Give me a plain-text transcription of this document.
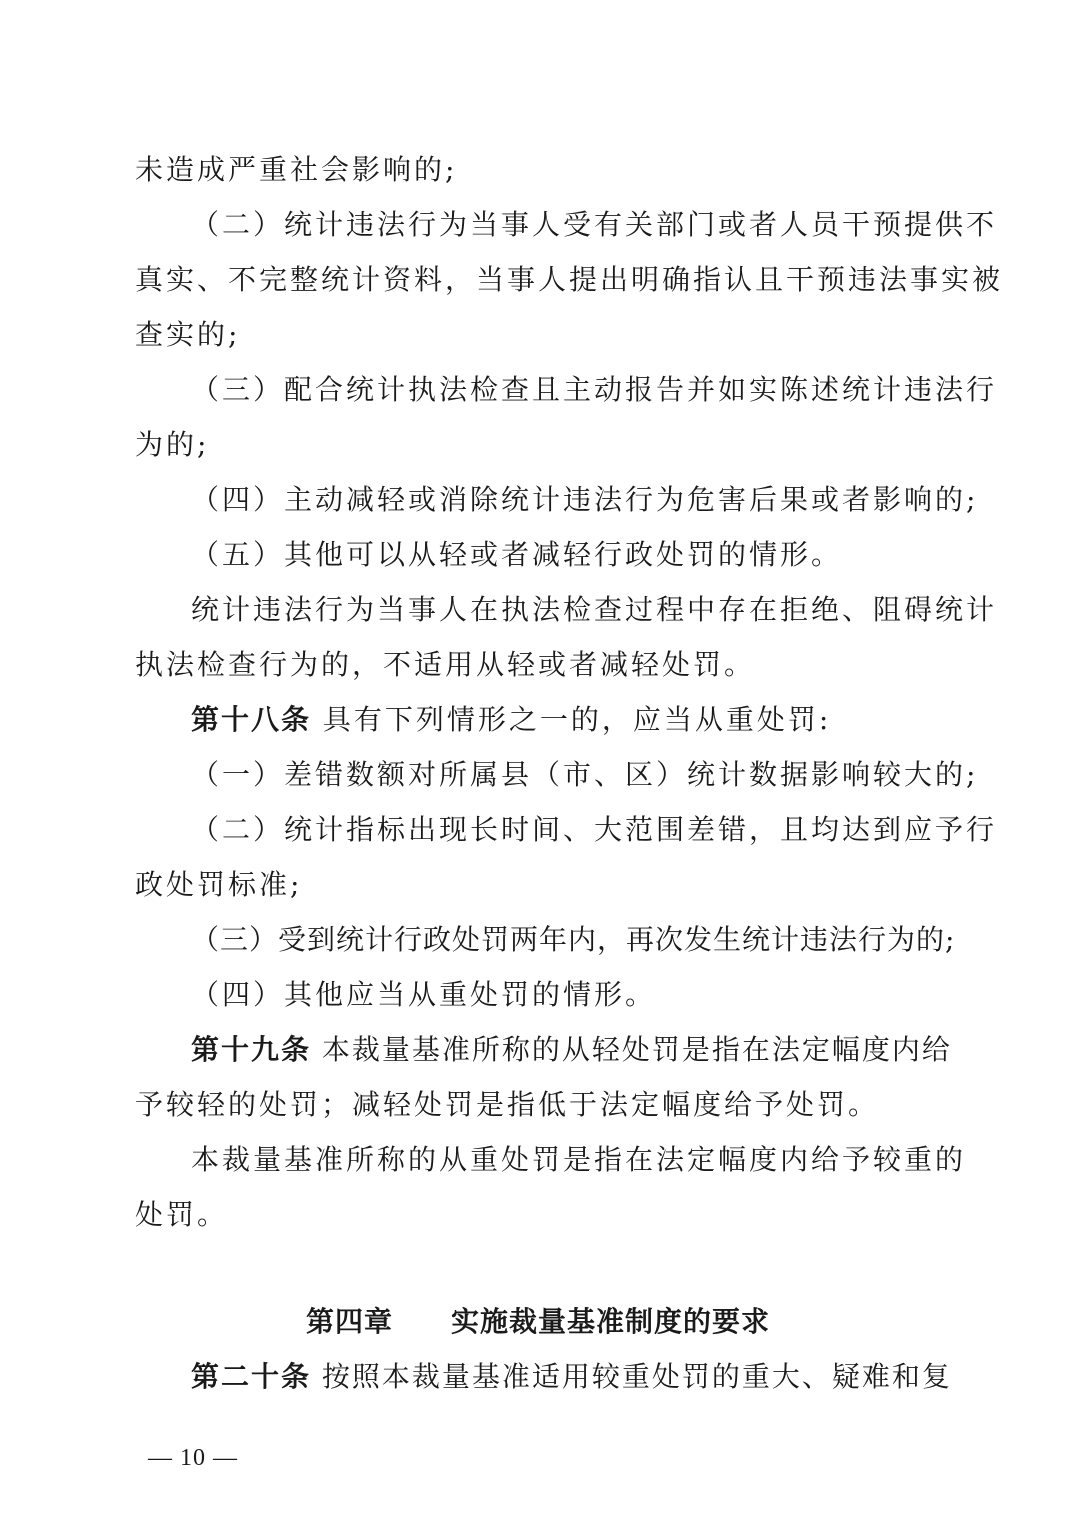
未造成严重社会影响的;
（二）统计违法行为当事人受有关部门或者人员干预提供不
真实、不完整统计资料，当事人提出明确指认且干预违法事实被
查实的;
（三）配合统计执法检查且主动报告并如实陈述统计违法行
为的;
（四）主动减轻或消除统计违法行为危害后果或者影响的;
（五）其他可以从轻或者减轻行政处罚的情形。
统计违法行为当事人在执法检查过程中存在拒绝、阻碍统计
执法检查行为的，不适用从轻或者减轻处罚。
第十八条 具有下列情形之一的，应当从重处罚:
（一）差错数额对所属县（市、区）统计数据影响较大的;
（二）统计指标出现长时间、大范围差错，且均达到应予行
政处罚标准;
（三）受到统计行政处罚两年内，再次发生统计违法行为的;
（四）其他应当从重处罚的情形。
第十九条 本裁量基准所称的从轻处罚是指在法定幅度内给
予较轻的处罚；减轻处罚是指低于法定幅度给予处罚。
本裁量基准所称的从重处罚是指在法定幅度内给予较重的
处罚。
第四章　　实施裁量基准制度的要求
第二十条 按照本裁量基准适用较重处罚的重大、疑难和复
— 10 —
